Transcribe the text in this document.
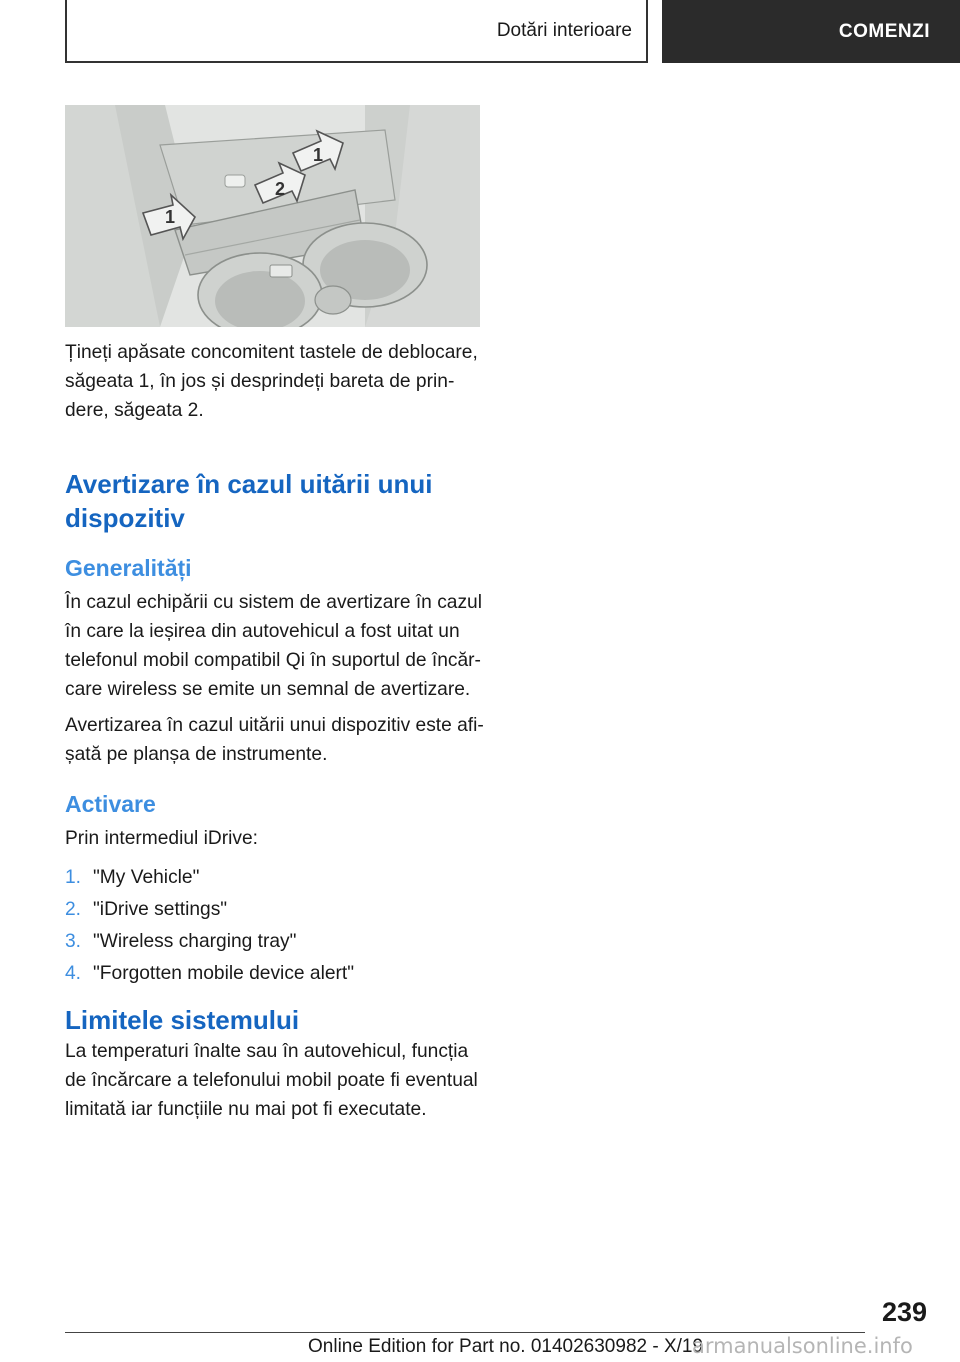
Dotări interioare	COMENZI
1
2
1

Țineți apăsate concomitent tastele de deblocare, săgeata 1, în jos și desprindeți bareta de prindere, săgeata 2.

Avertizare în cazul uitării unui dispozitiv
Generalități

În cazul echipării cu sistem de avertizare în cazul în care la ieșirea din autovehicul a fost uitat un telefonul mobil compatibil Qi în suportul de încărcare wireless se emite un semnal de avertizare.

Avertizarea în cazul uitării unui dispozitiv este afișată pe planșa de instrumente.

Activare

Prin intermediul iDrive:

1. "My Vehicle"
2. "iDrive settings"
3. "Wireless charging tray"
4. "Forgotten mobile device alert"
Limitele sistemului

La temperaturi înalte sau în autovehicul, funcția de încărcare a telefonului mobil poate fi eventual limitată iar funcțiile nu mai pot fi executate.

239
Online Edition for Part no. 01402630982 - X/19
armanualsonline.info
